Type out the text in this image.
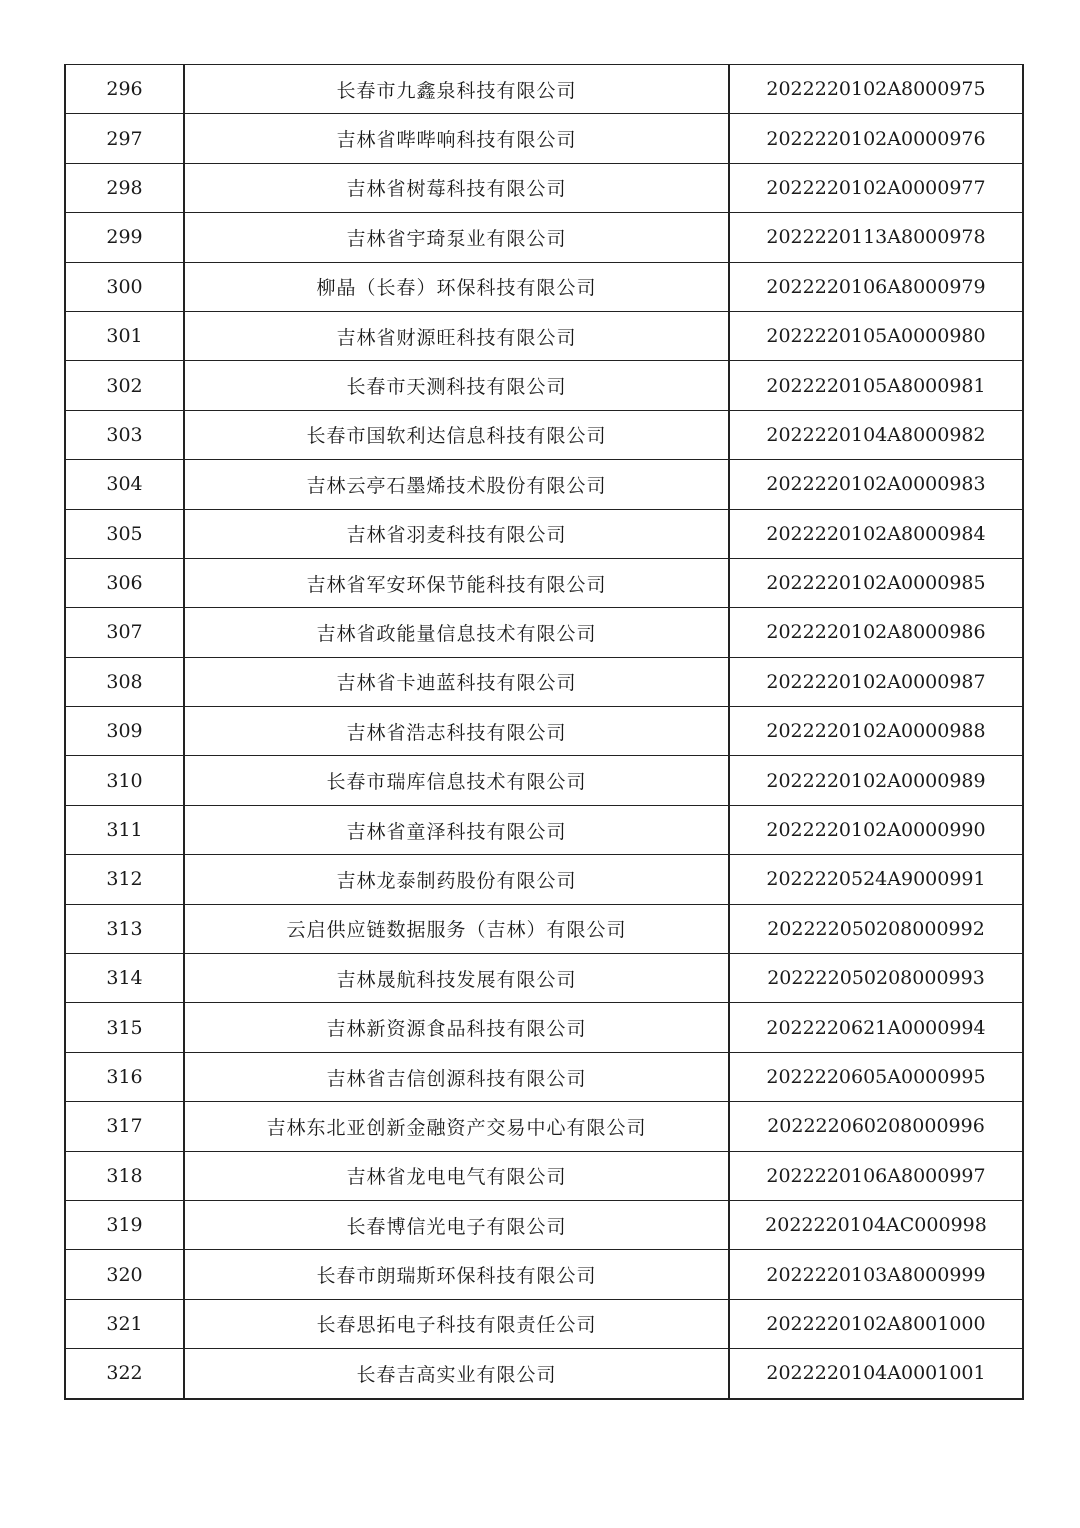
296	长春市九鑫泉科技有限公司	2022220102A8000975
297	吉林省哔哔响科技有限公司	2022220102A0000976
298	吉林省树莓科技有限公司	2022220102A0000977
299	吉林省宇琦泵业有限公司	2022220113A8000978
300	柳晶（长春）环保科技有限公司	2022220106A8000979
301	吉林省财源旺科技有限公司	2022220105A0000980
302	长春市天测科技有限公司	2022220105A8000981
303	长春市国软利达信息科技有限公司	2022220104A8000982
304	吉林云亭石墨烯技术股份有限公司	2022220102A0000983
305	吉林省羽麦科技有限公司	2022220102A8000984
306	吉林省军安环保节能科技有限公司	2022220102A0000985
307	吉林省政能量信息技术有限公司	2022220102A8000986
308	吉林省卡迪蓝科技有限公司	2022220102A0000987
309	吉林省浩志科技有限公司	2022220102A0000988
310	长春市瑞库信息技术有限公司	2022220102A0000989
311	吉林省童泽科技有限公司	2022220102A0000990
312	吉林龙泰制药股份有限公司	2022220524A9000991
313	云启供应链数据服务（吉林）有限公司	202222050208000992
314	吉林晟航科技发展有限公司	202222050208000993
315	吉林新资源食品科技有限公司	2022220621A0000994
316	吉林省吉信创源科技有限公司	2022220605A0000995
317	吉林东北亚创新金融资产交易中心有限公司	202222060208000996
318	吉林省龙电电气有限公司	2022220106A8000997
319	长春博信光电子有限公司	2022220104AC000998
320	长春市朗瑞斯环保科技有限公司	2022220103A8000999
321	长春思拓电子科技有限责任公司	2022220102A8001000
322	长春吉高实业有限公司	2022220104A0001001
